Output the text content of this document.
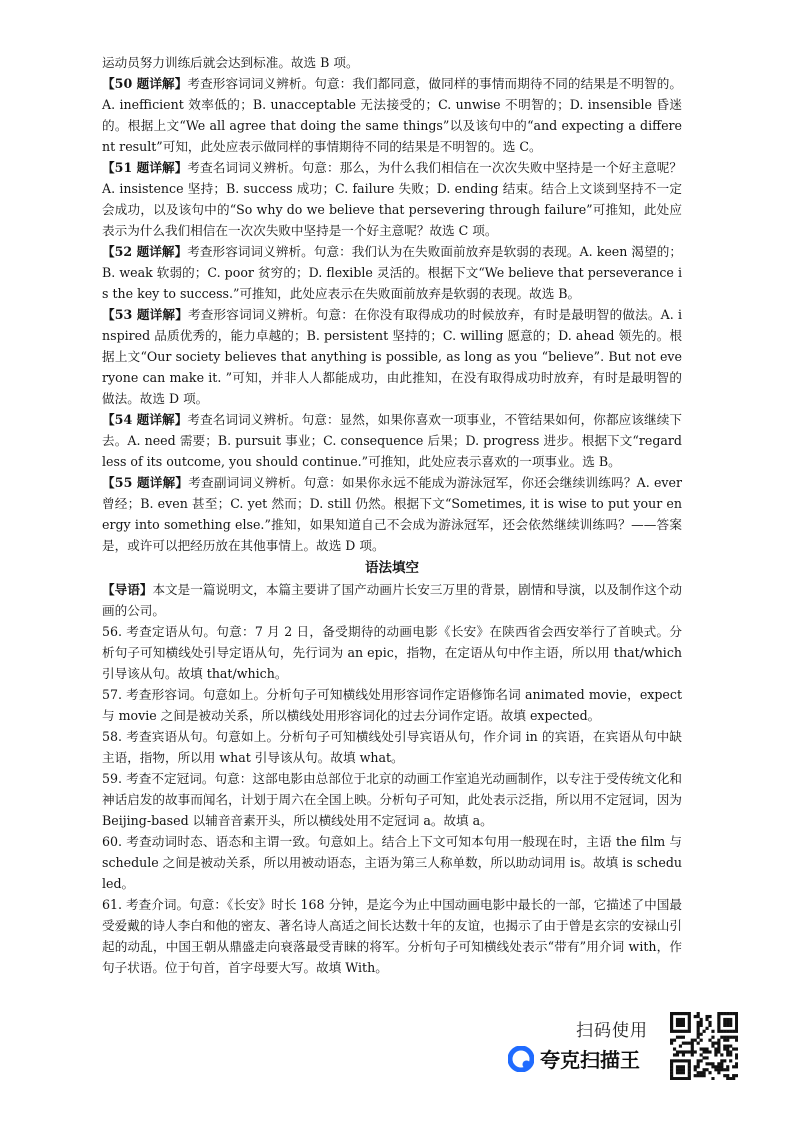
运动员努力训练后就会达到标准。故选 B 项。

【50 题详解】考查形容词词义辨析。句意：我们都同意，做同样的事情而期待不同的结果是不明智的。A. inefficient 效率低的；B. unacceptable 无法接受的；C. unwise 不明智的；D. insensible 昏迷的。根据上文“We all agree that doing the same things”以及该句中的“and expecting a different result”可知，此处应表示做同样的事情期待不同的结果是不明智的。选 C。

【51 题详解】考查名词词义辨析。句意：那么，为什么我们相信在一次次失败中坚持是一个好主意呢？A. insistence 坚持；B. success 成功；C. failure 失败；D. ending 结束。结合上文谈到坚持不一定会成功，以及该句中的“So why do we believe that persevering through failure”可推知，此处应表示为什么我们相信在一次次失败中坚持是一个好主意呢？故选 C 项。

【52 题详解】考查形容词词义辨析。句意：我们认为在失败面前放弃是软弱的表现。A. keen 渴望的；B. weak 软弱的；C. poor 贫穷的；D. flexible 灵活的。根据下文“We believe that perseverance is the key to success.”可推知，此处应表示在失败面前放弃是软弱的表现。故选 B。

【53 题详解】考查形容词词义辨析。句意：在你没有取得成功的时候放弃，有时是最明智的做法。A. inspired 品质优秀的，能力卓越的；B. persistent 坚持的；C. willing 愿意的；D. ahead 领先的。根据上文“Our society believes that anything is possible, as long as you “believe”. But not everyone can make it. ”可知，并非人人都能成功，由此推知，在没有取得成功时放弃，有时是最明智的做法。故选 D 项。

【54 题详解】考查名词词义辨析。句意：显然，如果你喜欢一项事业，不管结果如何，你都应该继续下去。A. need 需要；B. pursuit 事业；C. consequence 后果；D. progress 进步。根据下文“regardless of its outcome, you should continue.”可推知，此处应表示喜欢的一项事业。选 B。

【55 题详解】考查副词词义辨析。句意：如果你永远不能成为游泳冠军，你还会继续训练吗？A. ever 曾经；B. even 甚至；C. yet 然而；D. still 仍然。根据下文“Sometimes, it is wise to put your energy into something else.”推知，如果知道自己不会成为游泳冠军，还会依然继续训练吗？——答案是，或许可以把经历放在其他事情上。故选 D 项。

语法填空

【导语】本文是一篇说明文，本篇主要讲了国产动画片长安三万里的背景，剧情和导演，以及制作这个动画的公司。

56. 考查定语从句。句意：7 月 2 日，备受期待的动画电影《长安》在陕西省会西安举行了首映式。分析句子可知横线处引导定语从句，先行词为 an epic，指物，在定语从句中作主语，所以用 that/which 引导该从句。故填 that/which。

57. 考查形容词。句意如上。分析句子可知横线处用形容词作定语修饰名词 animated movie，expect 与 movie 之间是被动关系，所以横线处用形容词化的过去分词作定语。故填 expected。

58. 考查宾语从句。句意如上。分析句子可知横线处引导宾语从句，作介词 in 的宾语，在宾语从句中缺主语，指物，所以用 what 引导该从句。故填 what。

59. 考查不定冠词。句意：这部电影由总部位于北京的动画工作室追光动画制作，以专注于受传统文化和神话启发的故事而闻名，计划于周六在全国上映。分析句子可知，此处表示泛指，所以用不定冠词，因为 Beijing-based 以辅音音素开头，所以横线处用不定冠词 a。故填 a。

60. 考查动词时态、语态和主谓一致。句意如上。结合上下文可知本句用一般现在时，主语 the film 与 schedule 之间是被动关系，所以用被动语态，主语为第三人称单数，所以助动词用 is。故填 is scheduled。

61. 考查介词。句意：《长安》时长 168 分钟，是迄今为止中国动画电影中最长的一部，它描述了中国最受爱戴的诗人李白和他的密友、著名诗人高适之间长达数十年的友谊，也揭示了由于曾是玄宗的安禄山引起的动乱，中国王朝从鼎盛走向衰落最受青睐的将军。分析句子可知横线处表示“带有”用介词 with，作句子状语。位于句首，首字母要大写。故填 With。

扫码使用
夸克扫描王
